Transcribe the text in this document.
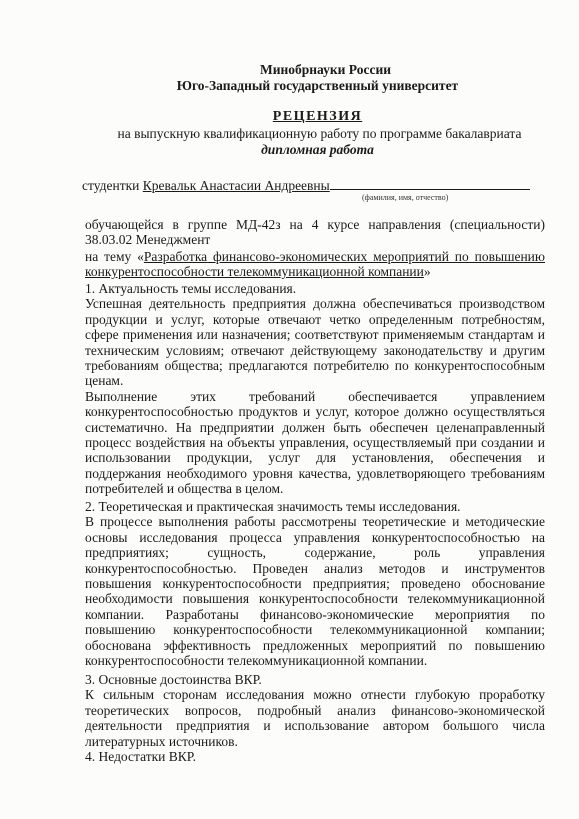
Минобрнауки России
Юго-Западный государственный университет
РЕЦЕНЗИЯ
на выпускную квалификационную работу по программе бакалавриата
дипломная работа
студентки Кревальк Анастасии Андреевны
(фамилия, имя, отчество)

обучающейся в группе МД-42з на 4 курсе направления (специальности) 38.03.02 Менеджмент

на тему «Разработка финансово-экономических мероприятий по повышению конкурентоспособности телекоммуникационной компании»

1. Актуальность темы исследования.

Успешная деятельность предприятия должна обеспечиваться производством продукции и услуг, которые отвечают четко определенным потребностям, сфере применения или назначения; соответствуют применяемым стандартам и техническим условиям; отвечают действующему законодательству и другим требованиям общества; предлагаются потребителю по конкурентоспособным ценам.

Выполнение этих требований обеспечивается управлением конкурентоспособностью продуктов и услуг, которое должно осуществляться систематично. На предприятии должен быть обеспечен целенаправленный процесс воздействия на объекты управления, осуществляемый при создании и использовании продукции, услуг для установления, обеспечения и поддержания необходимого уровня качества, удовлетворяющего требованиям потребителей и общества в целом.

2. Теоретическая и практическая значимость темы исследования.

В процессе выполнения работы рассмотрены теоретические и методические основы исследования процесса управления конкурентоспособностью на предприятиях; сущность, содержание, роль управления конкурентоспособностью. Проведен анализ методов и инструментов повышения конкурентоспособности предприятия; проведено обоснование необходимости повышения конкурентоспособности телекоммуникационной компании. Разработаны финансово-экономические мероприятия по повышению конкурентоспособности телекоммуникационной компании; обоснована эффективность предложенных мероприятий по повышению конкурентоспособности телекоммуникационной компании.

3. Основные достоинства ВКР.

К сильным сторонам исследования можно отнести глубокую проработку теоретических вопросов, подробный анализ финансово-экономической деятельности предприятия и использование автором большого числа литературных источников.

4. Недостатки ВКР.
